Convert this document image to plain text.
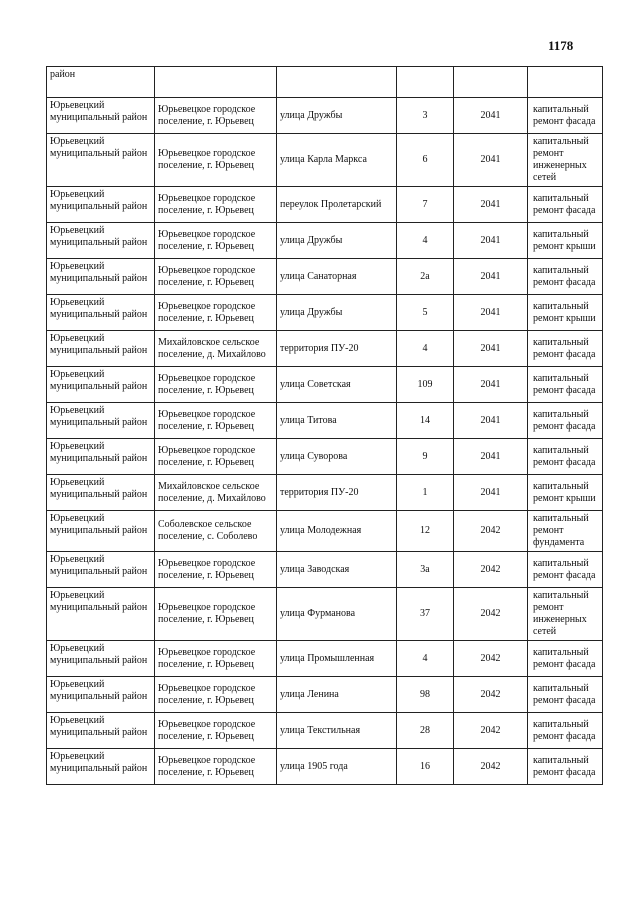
1178
район					
Юрьевецкий муниципальный район	Юрьевецкое городское поселение, г. Юрьевец	улица Дружбы	3	2041	капитальный ремонт фасада
Юрьевецкий муниципальный район	Юрьевецкое городское поселение, г. Юрьевец	улица Карла Маркса	6	2041	капитальный ремонт инженерных сетей
Юрьевецкий муниципальный район	Юрьевецкое городское поселение, г. Юрьевец	переулок Пролетарский	7	2041	капитальный ремонт фасада
Юрьевецкий муниципальный район	Юрьевецкое городское поселение, г. Юрьевец	улица Дружбы	4	2041	капитальный ремонт крыши
Юрьевецкий муниципальный район	Юрьевецкое городское поселение, г. Юрьевец	улица Санаторная	2а	2041	капитальный ремонт фасада
Юрьевецкий муниципальный район	Юрьевецкое городское поселение, г. Юрьевец	улица Дружбы	5	2041	капитальный ремонт крыши
Юрьевецкий муниципальный район	Михайловское сельское поселение, д. Михайлово	территория ПУ-20	4	2041	капитальный ремонт фасада
Юрьевецкий муниципальный район	Юрьевецкое городское поселение, г. Юрьевец	улица Советская	109	2041	капитальный ремонт фасада
Юрьевецкий муниципальный район	Юрьевецкое городское поселение, г. Юрьевец	улица Титова	14	2041	капитальный ремонт фасада
Юрьевецкий муниципальный район	Юрьевецкое городское поселение, г. Юрьевец	улица Суворова	9	2041	капитальный ремонт фасада
Юрьевецкий муниципальный район	Михайловское сельское поселение, д. Михайлово	территория ПУ-20	1	2041	капитальный ремонт крыши
Юрьевецкий муниципальный район	Соболевское сельское поселение, с. Соболево	улица Молодежная	12	2042	капитальный ремонт фундамента
Юрьевецкий муниципальный район	Юрьевецкое городское поселение, г. Юрьевец	улица Заводская	3а	2042	капитальный ремонт фасада
Юрьевецкий муниципальный район	Юрьевецкое городское поселение, г. Юрьевец	улица Фурманова	37	2042	капитальный ремонт инженерных сетей
Юрьевецкий муниципальный район	Юрьевецкое городское поселение, г. Юрьевец	улица Промышленная	4	2042	капитальный ремонт фасада
Юрьевецкий муниципальный район	Юрьевецкое городское поселение, г. Юрьевец	улица Ленина	98	2042	капитальный ремонт фасада
Юрьевецкий муниципальный район	Юрьевецкое городское поселение, г. Юрьевец	улица Текстильная	28	2042	капитальный ремонт фасада
Юрьевецкий муниципальный район	Юрьевецкое городское поселение, г. Юрьевец	улица 1905 года	16	2042	капитальный ремонт фасада
